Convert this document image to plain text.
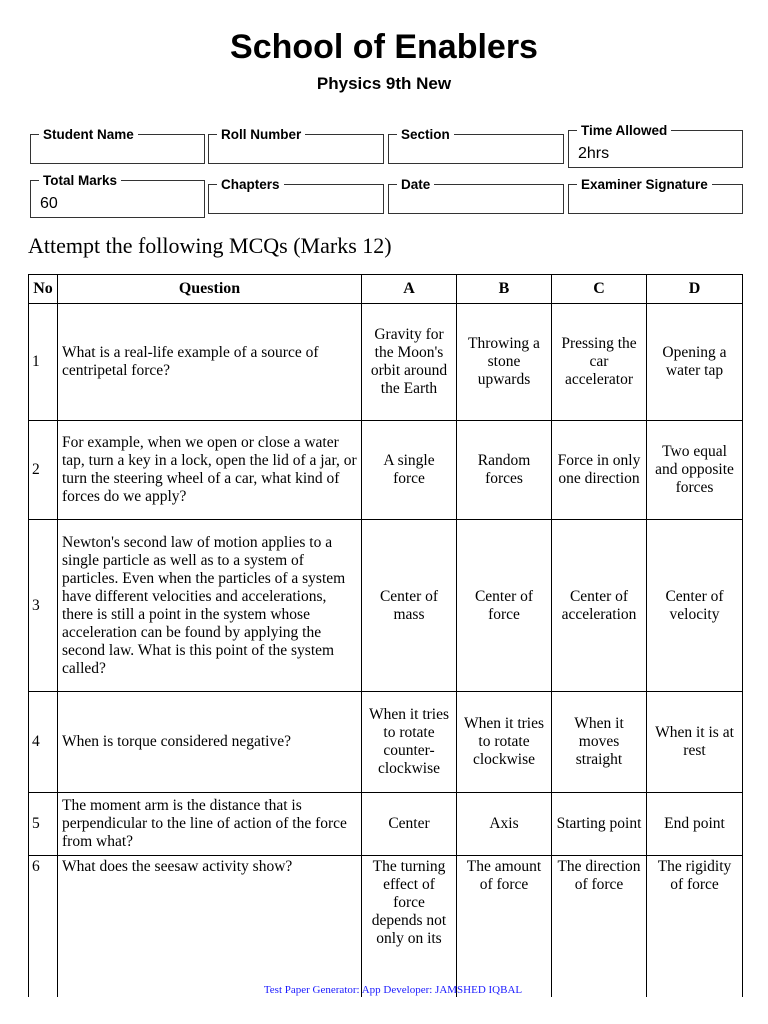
School of Enablers
Physics 9th New
Student Name	Roll Number	Section	Time Allowed
2hrs
Total Marks
60
Chapters	Date	Examiner Signature
Attempt the following MCQs (Marks 12)
No	Question	A	B	C	D
1	What is a real-life example of a source of centripetal force?	Gravity for the Moon's orbit around the Earth	Throwing a stone upwards	Pressing the car accelerator	Opening a water tap
2	For example, when we open or close a water tap, turn a key in a lock, open the lid of a jar, or turn the steering wheel of a car, what kind of forces do we apply?	A single force	Random forces	Force in only one direction	Two equal and opposite forces
3	Newton's second law of motion applies to a single particle as well as to a system of particles. Even when the particles of a system have different velocities and accelerations, there is still a point in the system whose acceleration can be found by applying the second law. What is this point of the system called?	Center of mass	Center of force	Center of acceleration	Center of velocity
4	When is torque considered negative?	When it tries to rotate counter-clockwise	When it tries to rotate clockwise	When it moves straight	When it is at rest
5	The moment arm is the distance that is perpendicular to the line of action of the force from what?	Center	Axis	Starting point	End point
6	What does the seesaw activity show?	The turning effect of force depends not only on its	The amount of force	The direction of force	The rigidity of force
Test Paper Generator: App Developer: JAMSHED IQBAL
